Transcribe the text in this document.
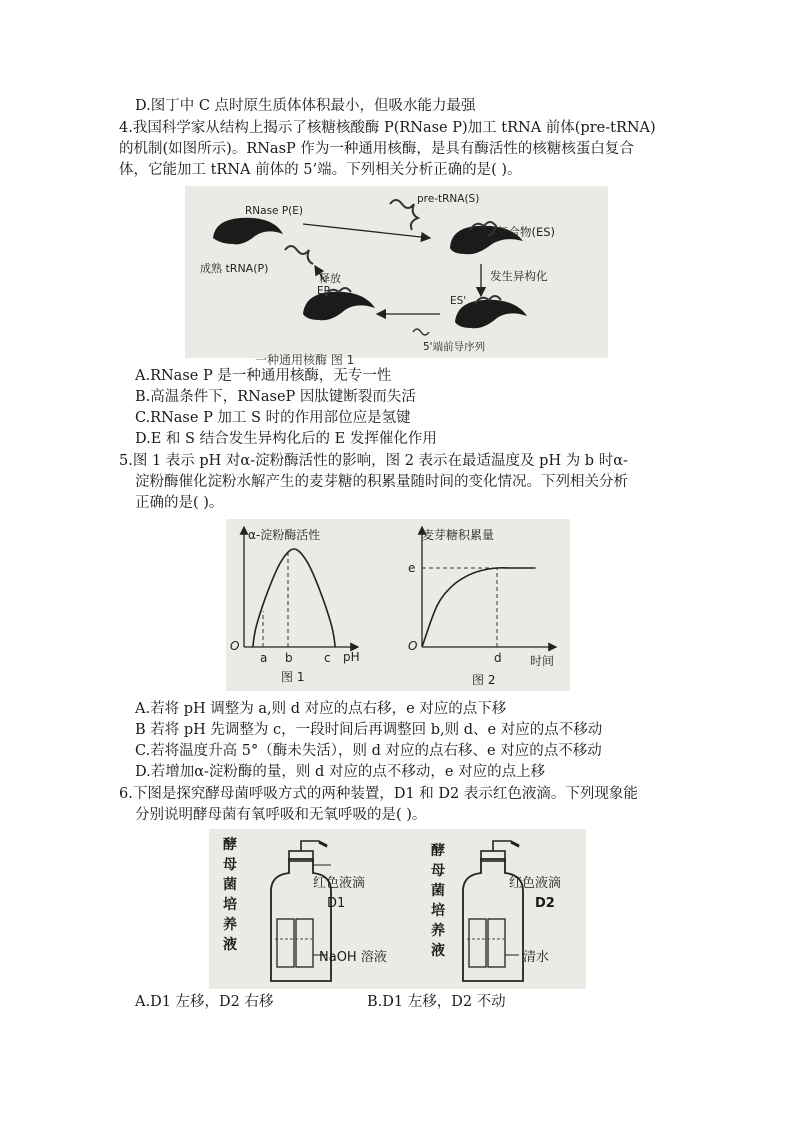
D.图丁中 C 点时原生质体体积最小，但吸水能力最强
4.我国科学家从结构上揭示了核糖核酸酶 P(RNase P)加工 tRNA 前体(pre-tRNA)
的机制(如图所示)。RNasP 作为一种通用核酶，是具有酶活性的核糖核蛋白复合
体，它能加工 tRNA 前体的 5’端。下列相关分析正确的是( )。
RNase P(E)
pre-tRNA(S)
复合物(ES)
发生异构化
ES'
5'端前导序列
EP
释放
成熟 tRNA(P)
一种通用核酶 图 1
A.RNase P 是一种通用核酶，无专一性
B.高温条件下，RNaseP 因肽键断裂而失活
C.RNase P 加工 S 时的作用部位应是氢键
D.E 和 S 结合发生异构化后的 E 发挥催化作用
5.图 1 表示 pH 对α-淀粉酶活性的影响，图 2 表示在最适温度及 pH 为 b 时α-
淀粉酶催化淀粉水解产生的麦芽糖的积累量随时间的变化情况。下列相关分析
正确的是( )。
α-淀粉酶活性
O
pH
a b	c
图 1
麦芽糖积累量
O
时间
e
d
图 2
A.若将 pH 调整为 a,则 d 对应的点右移，e 对应的点下移
B 若将 pH 先调整为 c，一段时间后再调整回 b,则 d、e 对应的点不移动
C.若将温度升高 5°（酶未失活），则 d 对应的点右移、e 对应的点不移动
D.若增加α-淀粉酶的量，则 d 对应的点不移动，e 对应的点上移
6.下图是探究酵母菌呼吸方式的两种装置，D1 和 D2 表示红色液滴。下列现象能
分别说明酵母菌有氧呼吸和无氧呼吸的是( )。
酵
母
菌
培
养
液
红色液滴
D1
NaOH 溶液
酵
母
菌
培
养
液
红色液滴
D2
清水
A.D1 左移，D2 右移	B.D1 左移，D2 不动
